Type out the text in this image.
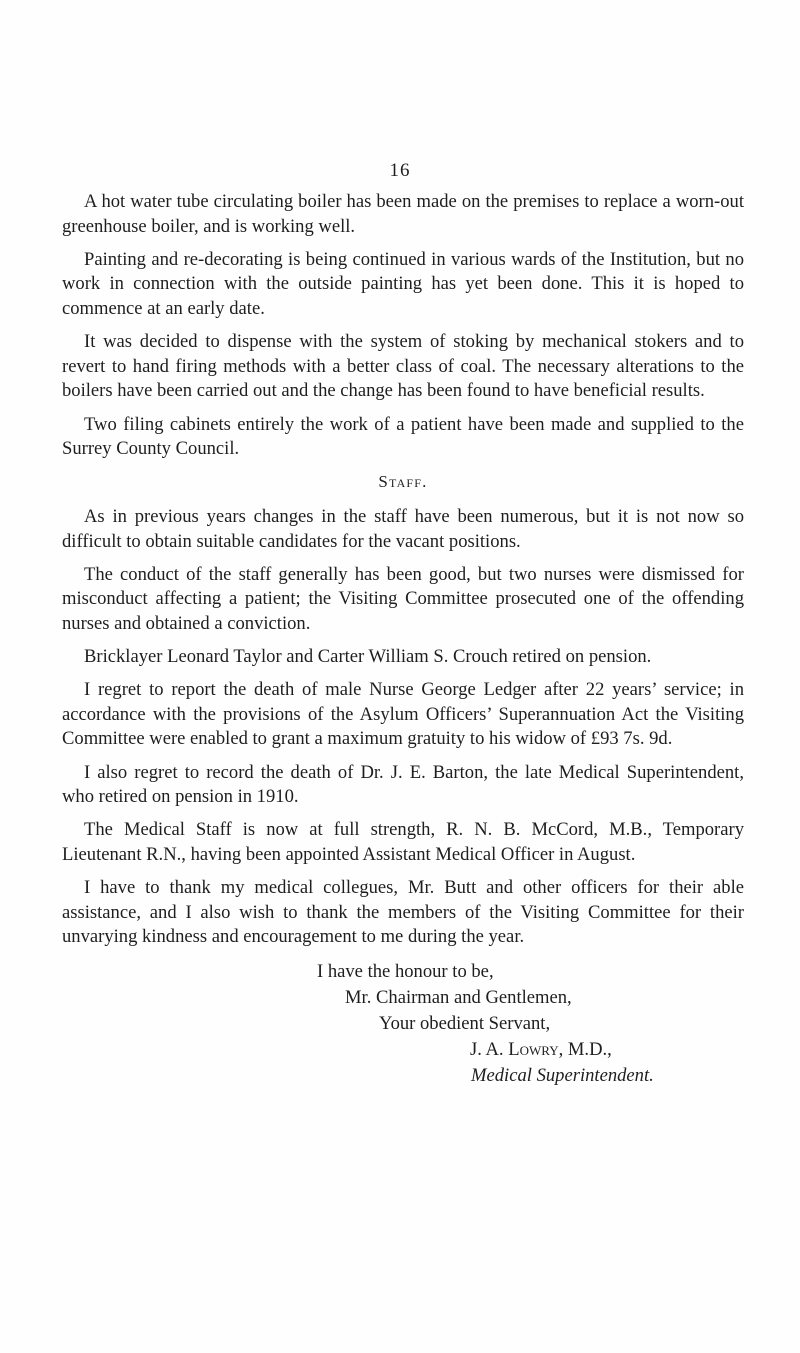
16

A hot water tube circulating boiler has been made on the premises to replace a worn-out greenhouse boiler, and is working well.

Painting and re-decorating is being continued in various wards of the Institution, but no work in connection with the outside painting has yet been done. This it is hoped to commence at an early date.

It was decided to dispense with the system of stoking by mechanical stokers and to revert to hand firing methods with a better class of coal. The necessary alterations to the boilers have been carried out and the change has been found to have beneficial results.

Two filing cabinets entirely the work of a patient have been made and supplied to the Surrey County Council.

Staff.

As in previous years changes in the staff have been numerous, but it is not now so difficult to obtain suitable candidates for the vacant positions.

The conduct of the staff generally has been good, but two nurses were dismissed for misconduct affecting a patient; the Visiting Committee prosecuted one of the offending nurses and obtained a conviction.

Bricklayer Leonard Taylor and Carter William S. Crouch retired on pension.

I regret to report the death of male Nurse George Ledger after 22 years’ service; in accordance with the provisions of the Asylum Officers’ Superannuation Act the Visiting Committee were enabled to grant a maximum gratuity to his widow of £93 7s. 9d.

I also regret to record the death of Dr. J. E. Barton, the late Medical Superintendent, who retired on pension in 1910.

The Medical Staff is now at full strength, R. N. B. McCord, M.B., Temporary Lieutenant R.N., having been appointed Assistant Medical Officer in August.

I have to thank my medical collegues, Mr. Butt and other officers for their able assistance, and I also wish to thank the members of the Visiting Committee for their unvarying kindness and encouragement to me during the year.

I have the honour to be,
Mr. Chairman and Gentlemen,
Your obedient Servant,
J. A. Lowry, M.D.,
Medical Superintendent.
